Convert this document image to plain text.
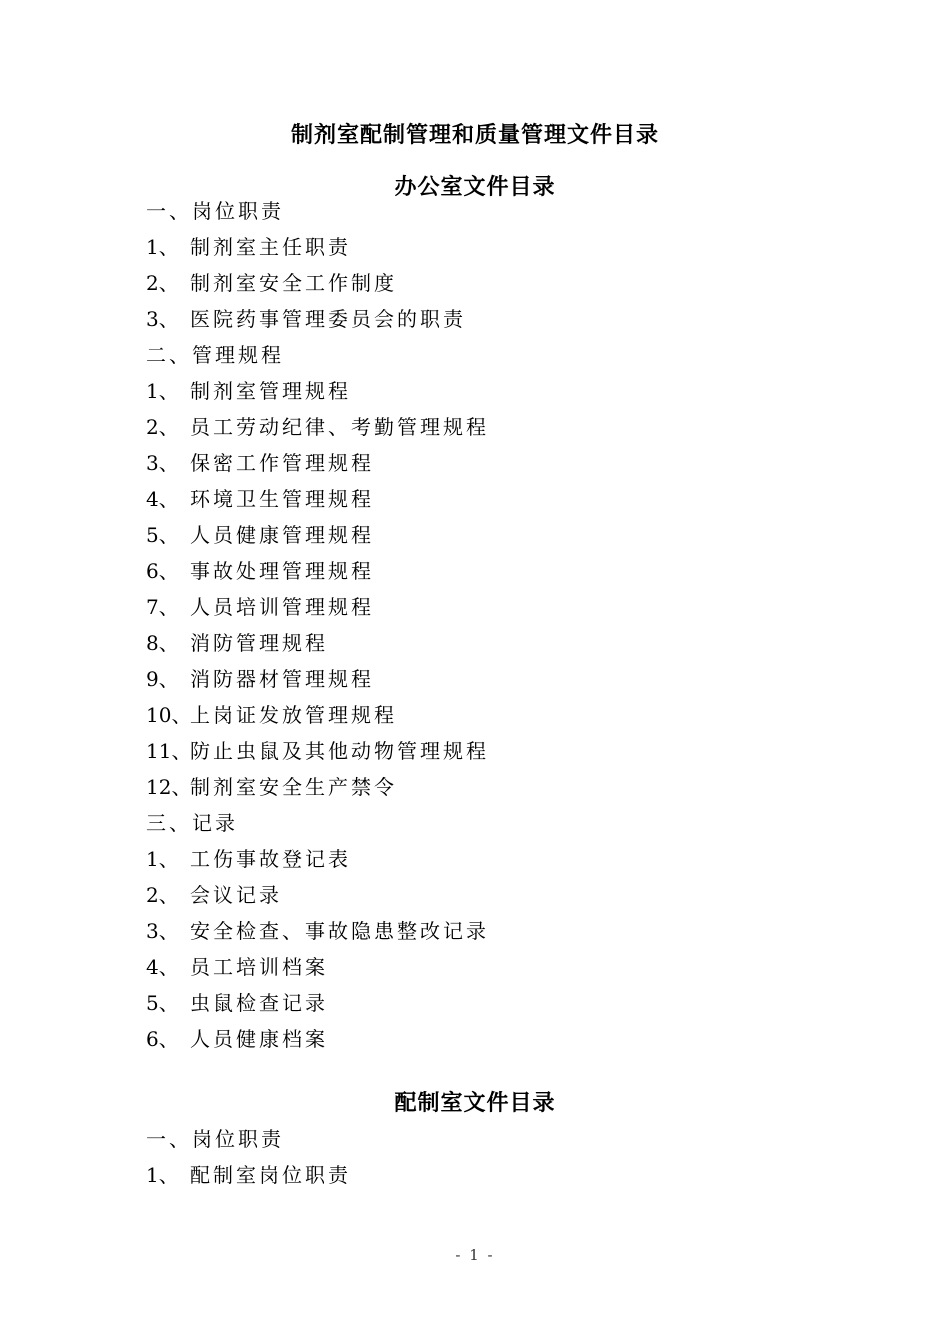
制剂室配制管理和质量管理文件目录
办公室文件目录
一、岗位职责
1、 制剂室主任职责
2、 制剂室安全工作制度
3、 医院药事管理委员会的职责
二、管理规程
1、 制剂室管理规程
2、 员工劳动纪律、考勤管理规程
3、 保密工作管理规程
4、 环境卫生管理规程
5、 人员健康管理规程
6、 事故处理管理规程
7、 人员培训管理规程
8、 消防管理规程
9、 消防器材管理规程
10、上岗证发放管理规程
11、防止虫鼠及其他动物管理规程
12、制剂室安全生产禁令
三、记录
1、 工伤事故登记表
2、 会议记录
3、 安全检查、事故隐患整改记录
4、 员工培训档案
5、 虫鼠检查记录
6、 人员健康档案
配制室文件目录
一、岗位职责
1、 配制室岗位职责
- 1 -
